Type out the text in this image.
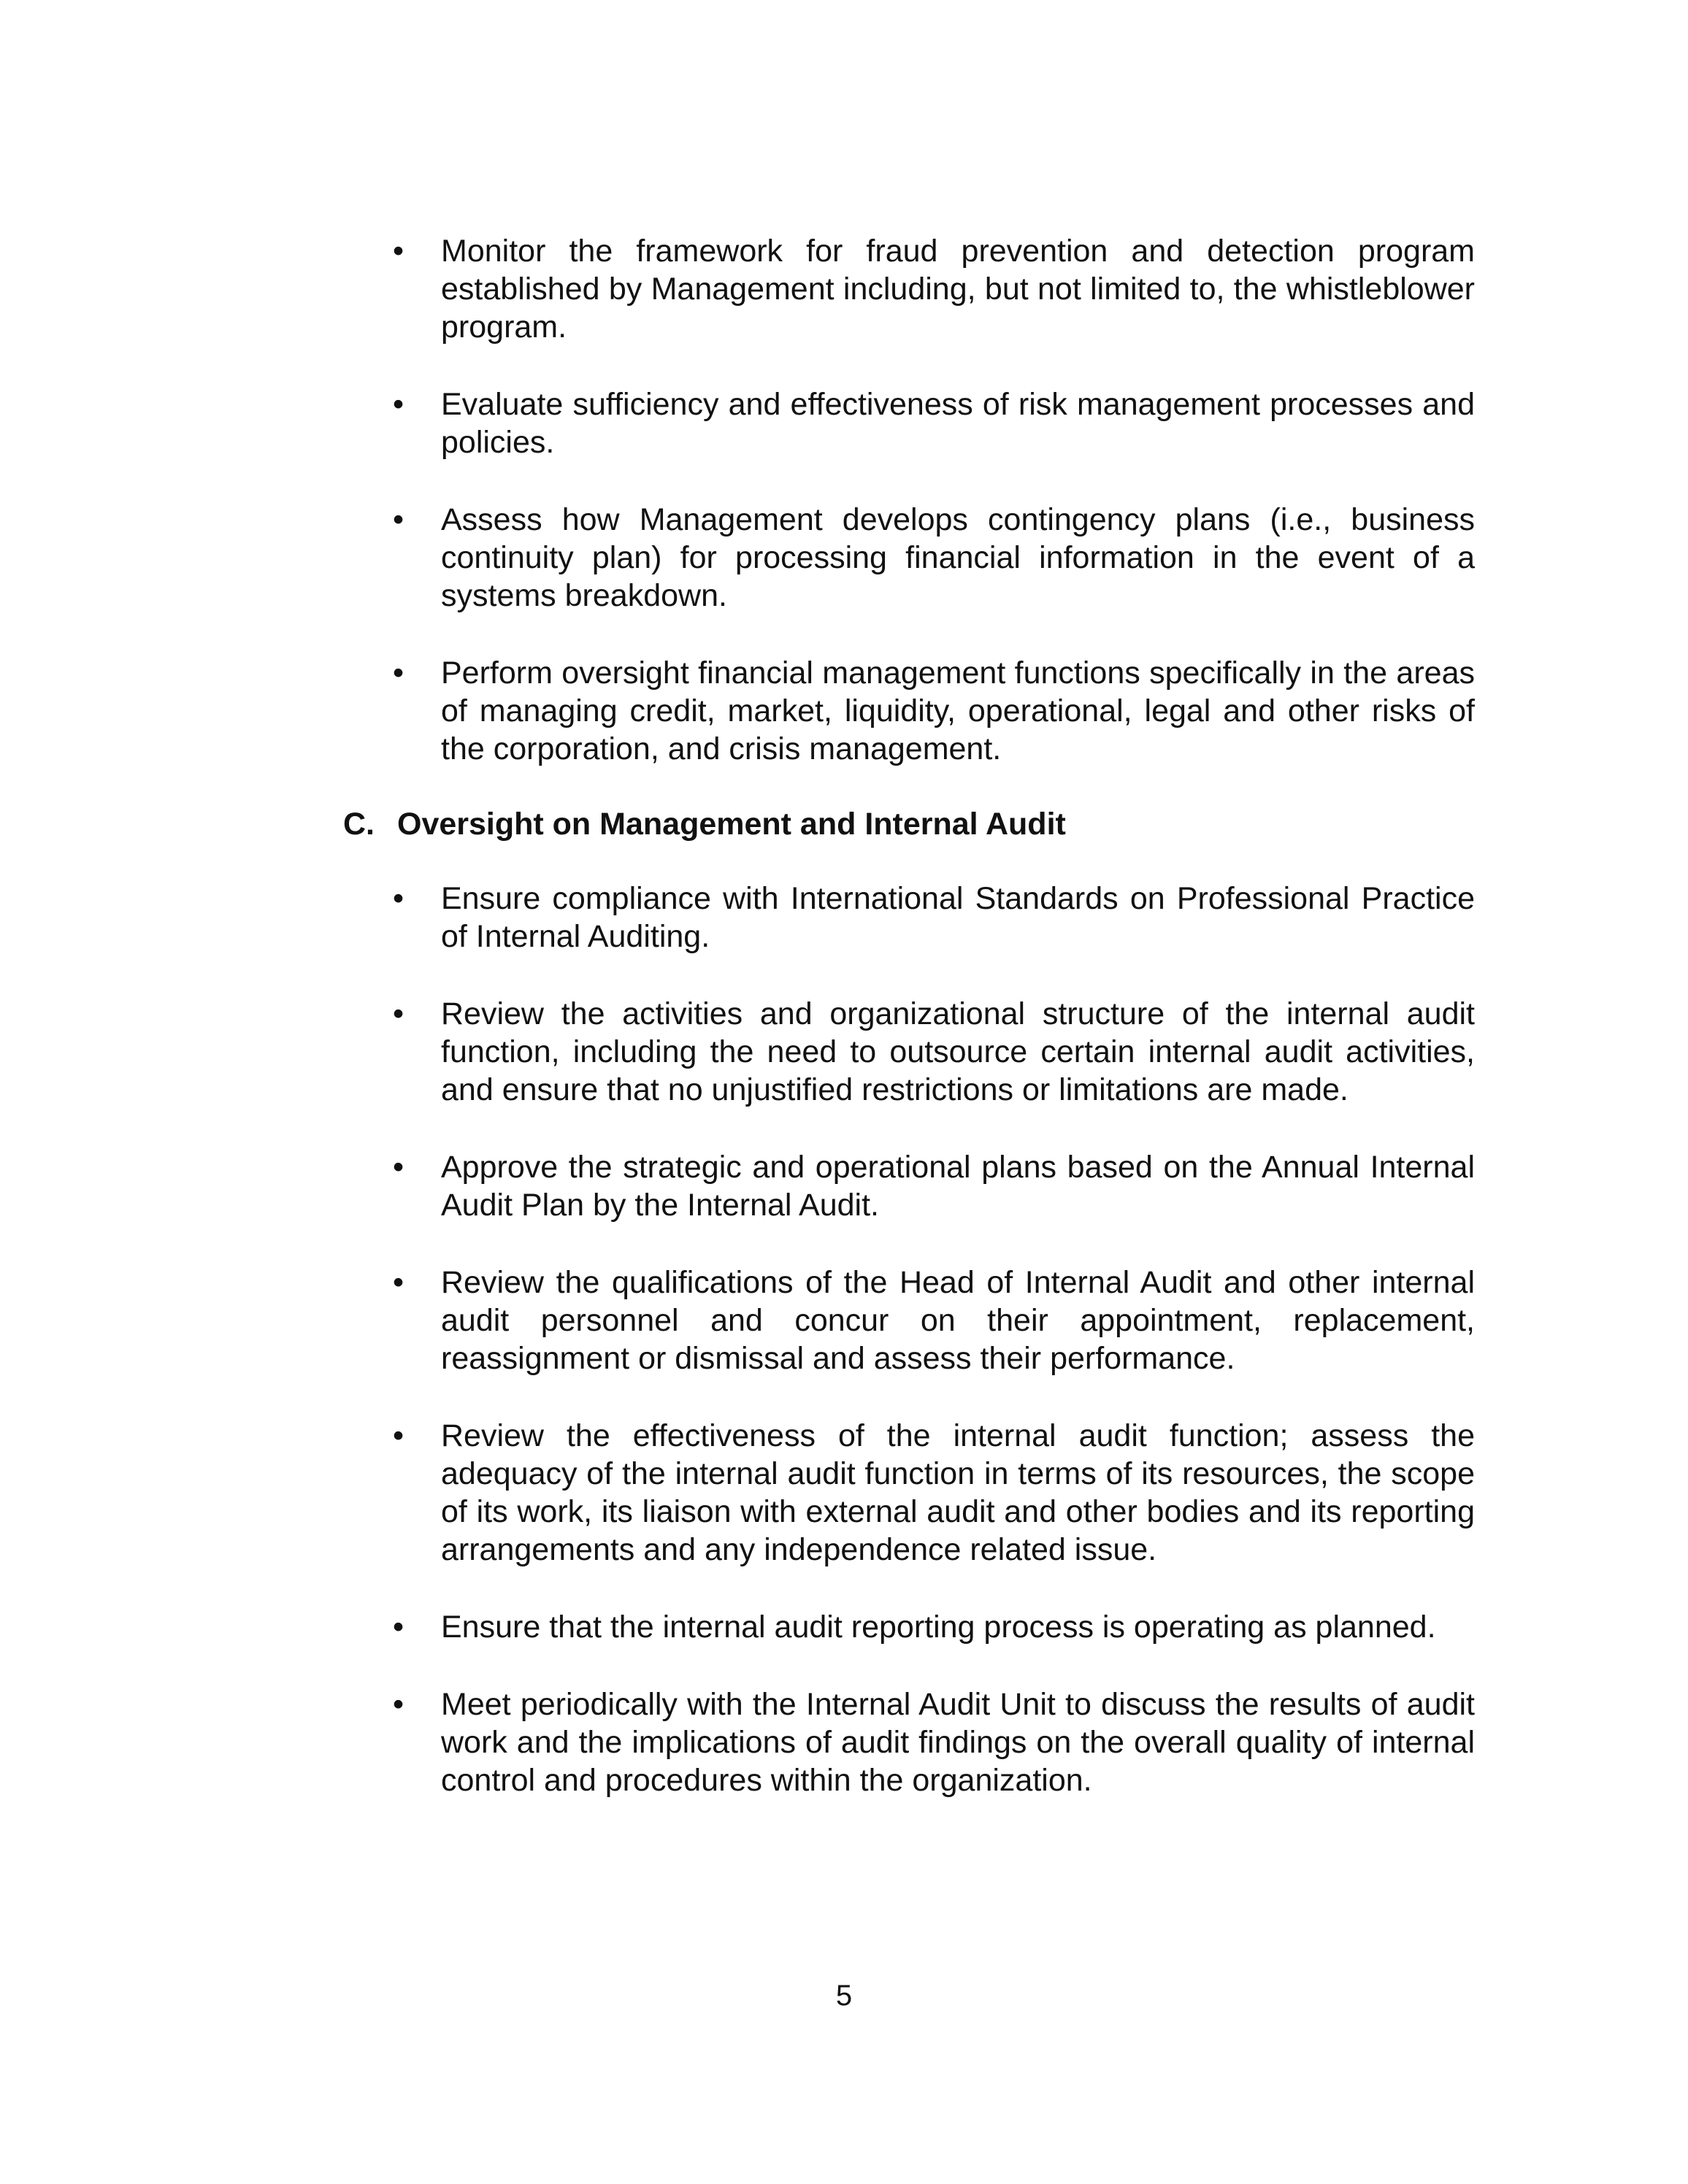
• Monitor the framework for fraud prevention and detection program established by Management including, but not limited to, the whistleblower program.
• Evaluate sufficiency and effectiveness of risk management processes and policies.
• Assess how Management develops contingency plans (i.e., business continuity plan) for processing financial information in the event of a systems breakdown.
• Perform oversight financial management functions specifically in the areas of managing credit, market, liquidity, operational, legal and other risks of the corporation, and crisis management.
C. Oversight on Management and Internal Audit
• Ensure compliance with International Standards on Professional Practice of Internal Auditing.
• Review the activities and organizational structure of the internal audit function, including the need to outsource certain internal audit activities, and ensure that no unjustified restrictions or limitations are made.
• Approve the strategic and operational plans based on the Annual Internal Audit Plan by the Internal Audit.
• Review the qualifications of the Head of Internal Audit and other internal audit personnel and concur on their appointment, replacement, reassignment or dismissal and assess their performance.
• Review the effectiveness of the internal audit function; assess the adequacy of the internal audit function in terms of its resources, the scope of its work, its liaison with external audit and other bodies and its reporting arrangements and any independence related issue.
• Ensure that the internal audit reporting process is operating as planned.
• Meet periodically with the Internal Audit Unit to discuss the results of audit work and the implications of audit findings on the overall quality of internal control and procedures within the organization.
5
